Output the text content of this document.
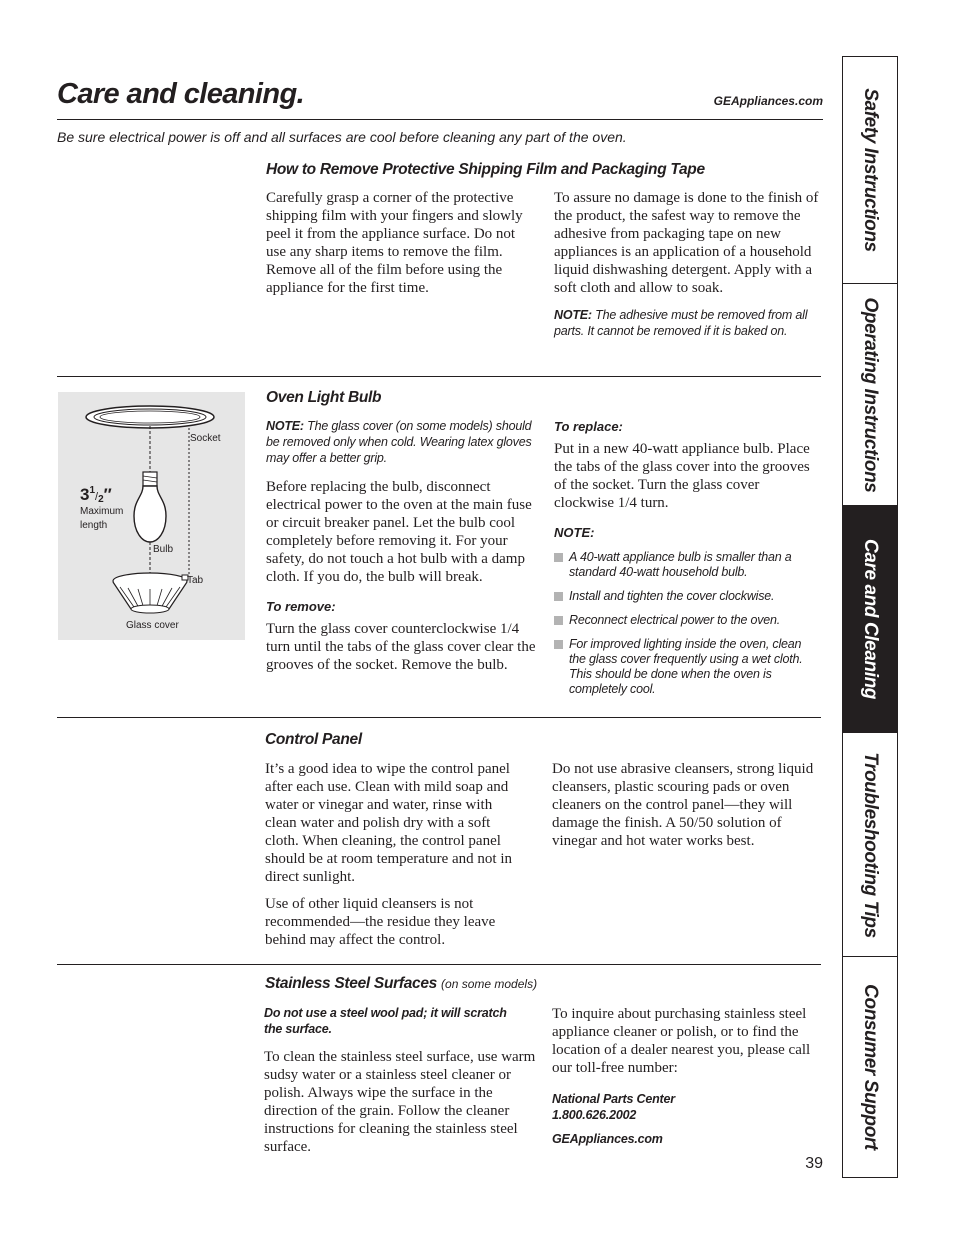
Care and cleaning.	GEAppliances.com
Be sure electrical power is off and all surfaces are cool before cleaning any part of the oven.
How to Remove Protective Shipping Film and Packaging Tape

Carefully grasp a corner of the protective shipping film with your fingers and slowly peel it from the appliance surface. Do not use any sharp items to remove the film. Remove all of the film before using the appliance for the first time.

To assure no damage is done to the finish of the product, the safest way to remove the adhesive from packaging tape on new appliances is an application of a household liquid dishwashing detergent. Apply with a soft cloth and allow to soak.

NOTE: The adhesive must be removed from all parts. It cannot be removed if it is baked on.
Socket
$3^1_/2''$
Maximum
length
Bulb
Tab
Glass cover
Oven Light Bulb
NOTE: The glass cover (on some models) should be removed only when cold. Wearing latex gloves may offer a better grip.

Before replacing the bulb, disconnect electrical power to the oven at the main fuse or circuit breaker panel. Let the bulb cool completely before removing it. For your safety, do not touch a hot bulb with a damp cloth. If you do, the bulb will break.

To remove:

Turn the glass cover counterclockwise 1/4 turn until the tabs of the glass cover clear the grooves of the socket. Remove the bulb.

To replace:

Put in a new 40-watt appliance bulb. Place the tabs of the glass cover into the grooves of the socket. Turn the glass cover clockwise 1/4 turn.

NOTE:
A 40-watt appliance bulb is smaller than a standard 40-watt household bulb.
Install and tighten the cover clockwise.
Reconnect electrical power to the oven.
For improved lighting inside the oven, clean the glass cover frequently using a wet cloth. This should be done when the oven is completely cool.
Control Panel

It’s a good idea to wipe the control panel after each use. Clean with mild soap and water or vinegar and water, rinse with clean water and polish dry with a soft cloth. When cleaning, the control panel should be at room temperature and not in direct sunlight.

Use of other liquid cleansers is not recommended—the residue they leave behind may affect the control.

Do not use abrasive cleansers, strong liquid cleansers, plastic scouring pads or oven cleaners on the control panel—they will damage the finish. A 50/50 solution of vinegar and hot water works best.

Stainless Steel Surfaces (on some models)
Do not use a steel wool pad; it will scratch the surface.

To clean the stainless steel surface, use warm sudsy water or a stainless steel cleaner or polish. Always wipe the surface in the direction of the grain. Follow the cleaner instructions for cleaning the stainless steel surface.

To inquire about purchasing stainless steel appliance cleaner or polish, or to find the location of a dealer nearest you, please call our toll-free number:

National Parts Center
1.800.626.2002
GEAppliances.com
39
Safety Instructions
Operating Instructions
Care and Cleaning
Troubleshooting Tips
Consumer Support
